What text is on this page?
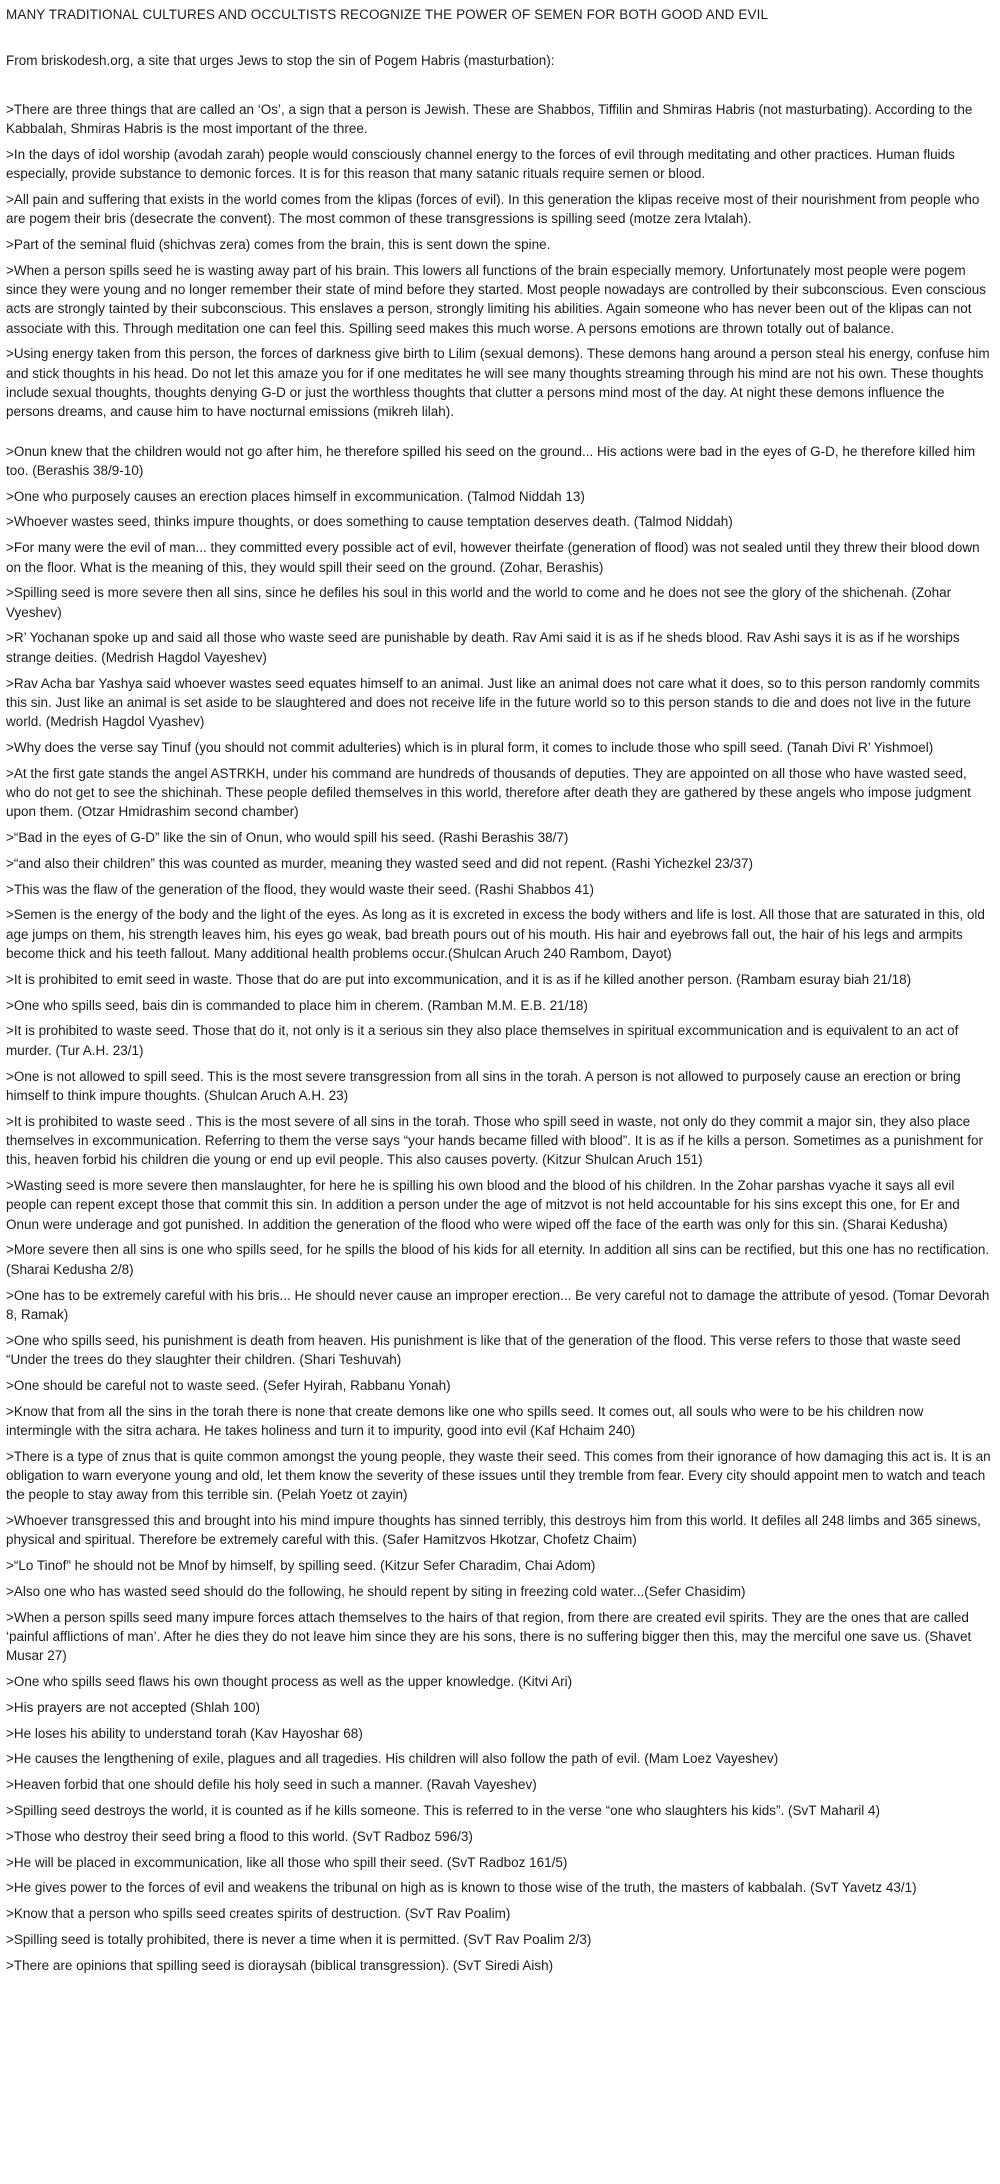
MANY TRADITIONAL CULTURES AND OCCULTISTS RECOGNIZE THE POWER OF SEMEN FOR BOTH GOOD AND EVIL

From briskodesh.org, a site that urges Jews to stop the sin of Pogem Habris (masturbation):

>There are three things that are called an ‘Os’, a sign that a person is Jewish. These are Shabbos, Tiffilin and Shmiras Habris (not masturbating). According to the Kabbalah, Shmiras Habris is the most important of the three.

>In the days of idol worship (avodah zarah) people would consciously channel energy to the forces of evil through meditating and other practices. Human fluids especially, provide substance to demonic forces. It is for this reason that many satanic rituals require semen or blood.

>All pain and suffering that exists in the world comes from the klipas (forces of evil). In this generation the klipas receive most of their nourishment from people who are pogem their bris (desecrate the convent). The most common of these transgressions is spilling seed (motze zera lvtalah).

>Part of the seminal fluid (shichvas zera) comes from the brain, this is sent down the spine.

>When a person spills seed he is wasting away part of his brain. This lowers all functions of the brain especially memory. Unfortunately most people were pogem since they were young and no longer remember their state of mind before they started. Most people nowadays are controlled by their subconscious. Even conscious acts are strongly tainted by their subconscious. This enslaves a person, strongly limiting his abilities. Again someone who has never been out of the klipas can not associate with this. Through meditation one can feel this. Spilling seed makes this much worse. A persons emotions are thrown totally out of balance.

>Using energy taken from this person, the forces of darkness give birth to Lilim (sexual demons). These demons hang around a person steal his energy, confuse him and stick thoughts in his head. Do not let this amaze you for if one meditates he will see many thoughts streaming through his mind are not his own. These thoughts include sexual thoughts, thoughts denying G-D or just the worthless thoughts that clutter a persons mind most of the day. At night these demons influence the persons dreams, and cause him to have nocturnal emissions (mikreh lilah).

>Onun knew that the children would not go after him, he therefore spilled his seed on the ground... His actions were bad in the eyes of G-D, he therefore killed him too. (Berashis 38/9-10)

>One who purposely causes an erection places himself in excommunication. (Talmod Niddah 13)

>Whoever wastes seed, thinks impure thoughts, or does something to cause temptation deserves death. (Talmod Niddah)

>For many were the evil of man... they committed every possible act of evil, however theirfate (generation of flood) was not sealed until they threw their blood down on the floor. What is the meaning of this, they would spill their seed on the ground. (Zohar, Berashis)

>Spilling seed is more severe then all sins, since he defiles his soul in this world and the world to come and he does not see the glory of the shichenah. (Zohar Vyeshev)

>R’ Yochanan spoke up and said all those who waste seed are punishable by death. Rav Ami said it is as if he sheds blood. Rav Ashi says it is as if he worships strange deities. (Medrish Hagdol Vayeshev)

>Rav Acha bar Yashya said whoever wastes seed equates himself to an animal. Just like an animal does not care what it does, so to this person randomly commits this sin. Just like an animal is set aside to be slaughtered and does not receive life in the future world so to this person stands to die and does not live in the future world. (Medrish Hagdol Vyashev)

>Why does the verse say Tinuf (you should not commit adulteries) which is in plural form, it comes to include those who spill seed. (Tanah Divi R’ Yishmoel)

>At the first gate stands the angel ASTRKH, under his command are hundreds of thousands of deputies. They are appointed on all those who have wasted seed, who do not get to see the shichinah. These people defiled themselves in this world, therefore after death they are gathered by these angels who impose judgment upon them. (Otzar Hmidrashim second chamber)

>“Bad in the eyes of G-D” like the sin of Onun, who would spill his seed. (Rashi Berashis 38/7)

>“and also their children” this was counted as murder, meaning they wasted seed and did not repent. (Rashi Yichezkel 23/37)

>This was the flaw of the generation of the flood, they would waste their seed. (Rashi Shabbos 41)

>Semen is the energy of the body and the light of the eyes. As long as it is excreted in excess the body withers and life is lost. All those that are saturated in this, old age jumps on them, his strength leaves him, his eyes go weak, bad breath pours out of his mouth. His hair and eyebrows fall out, the hair of his legs and armpits become thick and his teeth fallout. Many additional health problems occur.(Shulcan Aruch 240 Rambom, Dayot)

>It is prohibited to emit seed in waste. Those that do are put into excommunication, and it is as if he killed another person. (Rambam esuray biah 21/18)

>One who spills seed, bais din is commanded to place him in cherem. (Ramban M.M. E.B. 21/18)

>It is prohibited to waste seed. Those that do it, not only is it a serious sin they also place themselves in spiritual excommunication and is equivalent to an act of murder. (Tur A.H. 23/1)

>One is not allowed to spill seed. This is the most severe transgression from all sins in the torah. A person is not allowed to purposely cause an erection or bring himself to think impure thoughts. (Shulcan Aruch A.H. 23)

>It is prohibited to waste seed . This is the most severe of all sins in the torah. Those who spill seed in waste, not only do they commit a major sin, they also place themselves in excommunication. Referring to them the verse says “your hands became filled with blood”. It is as if he kills a person. Sometimes as a punishment for this, heaven forbid his children die young or end up evil people. This also causes poverty. (Kitzur Shulcan Aruch 151)

>Wasting seed is more severe then manslaughter, for here he is spilling his own blood and the blood of his children. In the Zohar parshas vyache it says all evil people can repent except those that commit this sin. In addition a person under the age of mitzvot is not held accountable for his sins except this one, for Er and Onun were underage and got punished. In addition the generation of the flood who were wiped off the face of the earth was only for this sin. (Sharai Kedusha)

>More severe then all sins is one who spills seed, for he spills the blood of his kids for all eternity. In addition all sins can be rectified, but this one has no rectification. (Sharai Kedusha 2/8)

>One has to be extremely careful with his bris... He should never cause an improper erection... Be very careful not to damage the attribute of yesod. (Tomar Devorah 8, Ramak)

>One who spills seed, his punishment is death from heaven. His punishment is like that of the generation of the flood. This verse refers to those that waste seed “Under the trees do they slaughter their children. (Shari Teshuvah)

>One should be careful not to waste seed. (Sefer Hyirah, Rabbanu Yonah)

>Know that from all the sins in the torah there is none that create demons like one who spills seed. It comes out, all souls who were to be his children now intermingle with the sitra achara. He takes holiness and turn it to impurity, good into evil (Kaf Hchaim 240)

>There is a type of znus that is quite common amongst the young people, they waste their seed. This comes from their ignorance of how damaging this act is. It is an obligation to warn everyone young and old, let them know the severity of these issues until they tremble from fear. Every city should appoint men to watch and teach the people to stay away from this terrible sin. (Pelah Yoetz ot zayin)

>Whoever transgressed this and brought into his mind impure thoughts has sinned terribly, this destroys him from this world. It defiles all 248 limbs and 365 sinews, physical and spiritual. Therefore be extremely careful with this. (Safer Hamitzvos Hkotzar, Chofetz Chaim)

>“Lo Tinof” he should not be Mnof by himself, by spilling seed. (Kitzur Sefer Charadim, Chai Adom)

>Also one who has wasted seed should do the following, he should repent by siting in freezing cold water...(Sefer Chasidim)

>When a person spills seed many impure forces attach themselves to the hairs of that region, from there are created evil spirits. They are the ones that are called ‘painful afflictions of man’. After he dies they do not leave him since they are his sons, there is no suffering bigger then this, may the merciful one save us. (Shavet Musar 27)

>One who spills seed flaws his own thought process as well as the upper knowledge. (Kitvi Ari)

>His prayers are not accepted (Shlah 100)

>He loses his ability to understand torah (Kav Hayoshar 68)

>He causes the lengthening of exile, plagues and all tragedies. His children will also follow the path of evil. (Mam Loez Vayeshev)

>Heaven forbid that one should defile his holy seed in such a manner. (Ravah Vayeshev)

>Spilling seed destroys the world, it is counted as if he kills someone. This is referred to in the verse “one who slaughters his kids”. (SvT Maharil 4)

>Those who destroy their seed bring a flood to this world. (SvT Radboz 596/3)

>He will be placed in excommunication, like all those who spill their seed. (SvT Radboz 161/5)

>He gives power to the forces of evil and weakens the tribunal on high as is known to those wise of the truth, the masters of kabbalah. (SvT Yavetz 43/1)

>Know that a person who spills seed creates spirits of destruction. (SvT Rav Poalim)

>Spilling seed is totally prohibited, there is never a time when it is permitted. (SvT Rav Poalim 2/3)

>There are opinions that spilling seed is dioraysah (biblical transgression). (SvT Siredi Aish)
